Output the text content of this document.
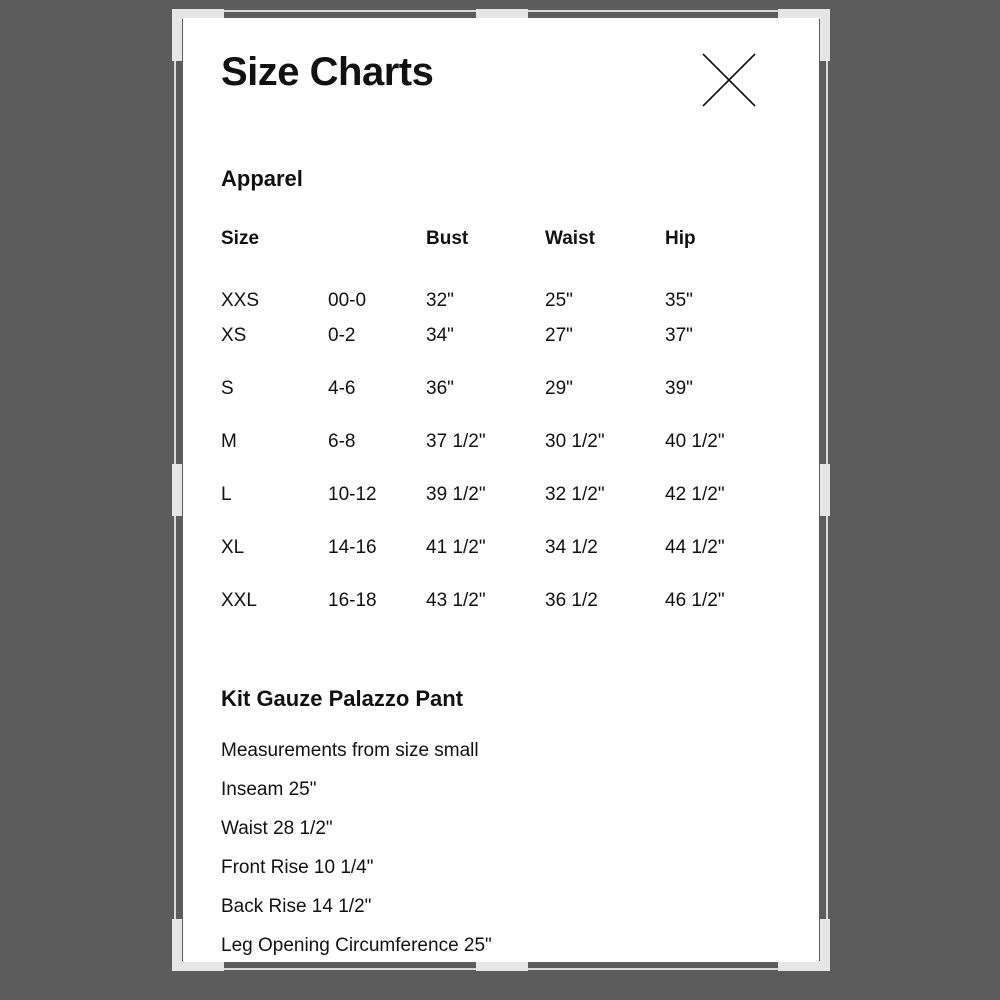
Size Charts
Apparel
Size		Bust	Waist	Hip
XXS	00-0	32"	25"	35"
XS	0-2	34"	27"	37"
S	4-6	36"	29"	39"
M	6-8	37 1/2"	30 1/2"	40 1/2"
L	10-12	39 1/2"	32 1/2"	42 1/2"
XL	14-16	41 1/2"	34 1/2	44 1/2"
XXL	16-18	43 1/2"	36 1/2	46 1/2"
Kit Gauze Palazzo Pant
Measurements from size small
Inseam 25"
Waist 28 1/2"
Front Rise 10 1/4"
Back Rise 14 1/2"
Leg Opening Circumference 25"
